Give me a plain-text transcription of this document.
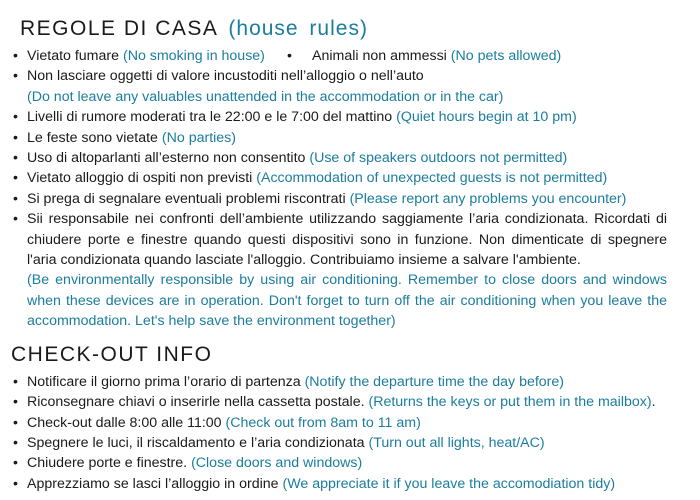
REGOLE DI CASA (house rules)
• Vietato fumare (No smoking in house)	• Animali non ammessi (No pets allowed)
• Non lasciare oggetti di valore incustoditi nell’alloggio o nell’auto
(Do not leave any valuables unattended in the accommodation or in the car)
• Livelli di rumore moderati tra le 22:00 e le 7:00 del mattino (Quiet hours begin at 10 pm)
• Le feste sono vietate (No parties)
• Uso di altoparlanti all’esterno non consentito (Use of speakers outdoors not permitted)
• Vietato alloggio di ospiti non previsti (Accommodation of unexpected guests is not permitted)
• Si prega di segnalare eventuali problemi riscontrati (Please report any problems you encounter)
• Sii responsabile nei confronti dell’ambiente utilizzando saggiamente l’aria condizionata. Ricordati di chiudere porte e finestre quando questi dispositivi sono in funzione. Non dimenticate di spegnere l'aria condizionata quando lasciate l'alloggio. Contribuiamo insieme a salvare l'ambiente.
(Be environmentally responsible by using air conditioning. Remember to close doors and windows when these devices are in operation. Don't forget to turn off the air conditioning when you leave the accommodation. Let's help save the environment together)
CHECK-OUT INFO
• Notificare il giorno prima l’orario di partenza (Notify the departure time the day before)
• Riconsegnare chiavi o inserirle nella cassetta postale. (Returns the keys or put them in the mailbox).
• Check-out dalle 8:00 alle 11:00 (Check out from 8am to 11 am)
• Spegnere le luci, il riscaldamento e l’aria condizionata (Turn out all lights, heat/AC)
• Chiudere porte e finestre. (Close doors and windows)
• Apprezziamo se lasci l’alloggio in ordine (We appreciate it if you leave the accomodiation tidy)
